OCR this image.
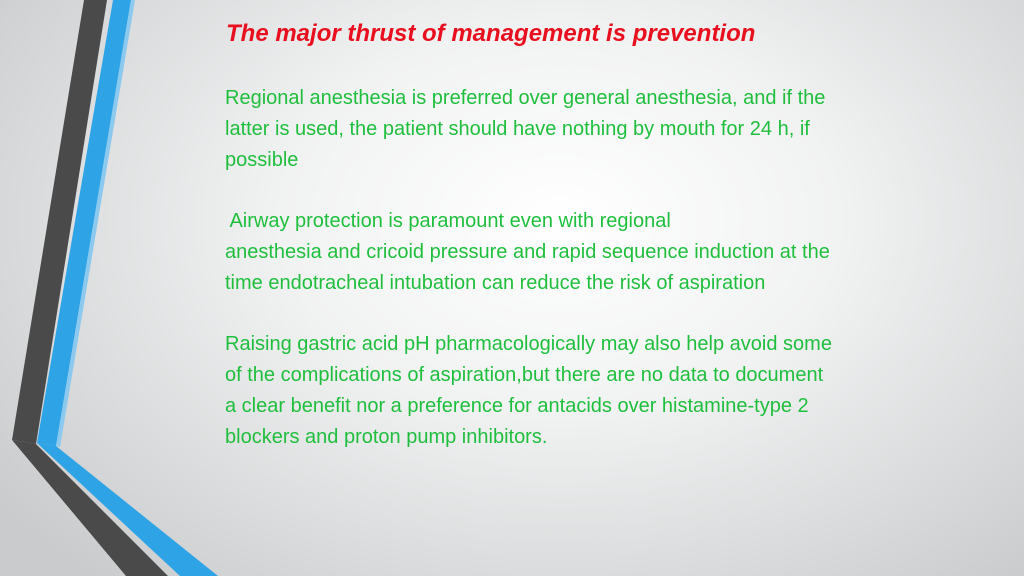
The major thrust of management is prevention
Regional anesthesia is preferred over general anesthesia, and if the
latter is used, the patient should have nothing by mouth for 24 h, if
possible
Airway protection is paramount even with regional
anesthesia and cricoid pressure and rapid sequence induction at the
time endotracheal intubation can reduce the risk of aspiration
Raising gastric acid pH pharmacologically may also help avoid some
of the complications of aspiration,but there are no data to document
a clear benefit nor a preference for antacids over histamine-type 2
blockers and proton pump inhibitors.
